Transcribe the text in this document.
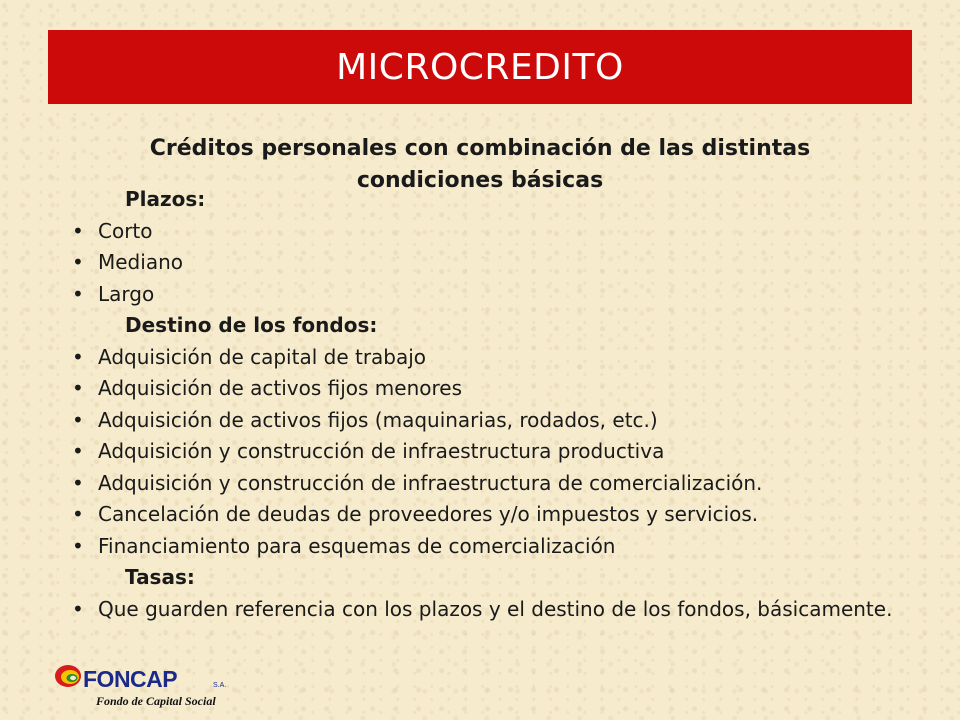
MICROCREDITO
Créditos personales con combinación de las distintas condiciones básicas

Plazos:

• Corto
• Mediano
• Largo

Destino de los fondos:

• Adquisición de capital de trabajo
• Adquisición de activos fijos menores
• Adquisición de activos fijos (maquinarias, rodados, etc.)
• Adquisición y construcción de infraestructura productiva
• Adquisición y construcción de infraestructura de comercialización.
• Cancelación de deudas de proveedores y/o impuestos y servicios.
• Financiamiento para esquemas de comercialización

Tasas:

• Que guarden referencia con los plazos y el destino de los fondos, básicamente.
FONCAP	S.A.
Fondo de Capital Social
